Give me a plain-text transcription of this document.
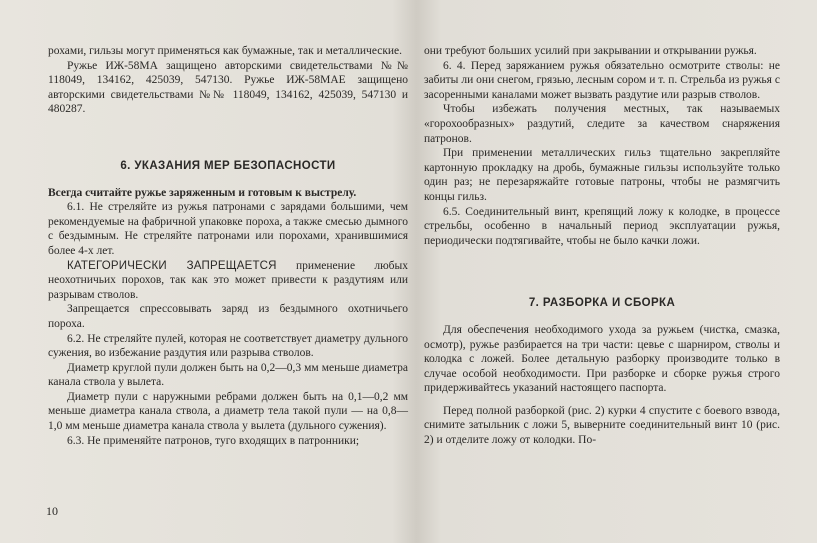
рохами, гильзы могут применяться как бумажные, так и металлические.

Ружье ИЖ-58МА защищено авторскими свидетельствами №№ 118049, 134162, 425039, 547130. Ружье ИЖ-58МАЕ защищено авторскими свидетельствами №№ 118049, 134162, 425039, 547130 и 480287.

6. УКАЗАНИЯ МЕР БЕЗОПАСНОСТИ

Всегда считайте ружье заряженным и готовым к выстрелу.

6.1. Не стреляйте из ружья патронами с зарядами большими, чем рекомендуемые на фабричной упаковке пороха, а также смесью дымного с бездымным. Не стреляйте патронами или порохами, хранившимися более 4-х лет.

КАТЕГОРИЧЕСКИ ЗАПРЕЩАЕТСЯ применение любых неохотничьих порохов, так как это может привести к раздутиям или разрывам стволов.

Запрещается спрессовывать заряд из бездымного охотничьего пороха.

6.2. Не стреляйте пулей, которая не соответствует диаметру дульного сужения, во избежание раздутия или разрыва стволов.

Диаметр круглой пули должен быть на 0,2—0,3 мм меньше диаметра канала ствола у вылета.

Диаметр пули с наружными ребрами должен быть на 0,1—0,2 мм меньше диаметра канала ствола, а диаметр тела такой пули — на 0,8—1,0 мм меньше диаметра канала ствола у вылета (дульного сужения).

6.3. Не применяйте патронов, туго входящих в патронники;

они требуют больших усилий при закрывании и открывании ружья.

6. 4. Перед заряжанием ружья обязательно осмотрите стволы: не забиты ли они снегом, грязью, лесным сором и т. п. Стрельба из ружья с засоренными каналами может вызвать раздутие или разрыв стволов.

Чтобы избежать получения местных, так называемых «горохообразных» раздутий, следите за качеством снаряжения патронов.

При применении металлических гильз тщательно закрепляйте картонную прокладку на дробь, бумажные гильзы используйте только один раз; не перезаряжайте готовые патроны, чтобы не размягчить концы гильз.

6.5. Соединительный винт, крепящий ложу к колодке, в процессе стрельбы, особенно в начальный период эксплуатации ружья, периодически подтягивайте, чтобы не было качки ложи.

7. РАЗБОРКА И СБОРКА

Для обеспечения необходимого ухода за ружьем (чистка, смазка, осмотр), ружье разбирается на три части: цевье с шарниром, стволы и колодка с ложей. Более детальную разборку производите только в случае особой необходимости. При разборке и сборке ружья строго придерживайтесь указаний настоящего паспорта.

Перед полной разборкой (рис. 2) курки 4 спустите с боевого взвода, снимите затыльник с ложи 5, выверните соединительный винт 10 (рис. 2) и отделите ложу от колодки. По-

10
